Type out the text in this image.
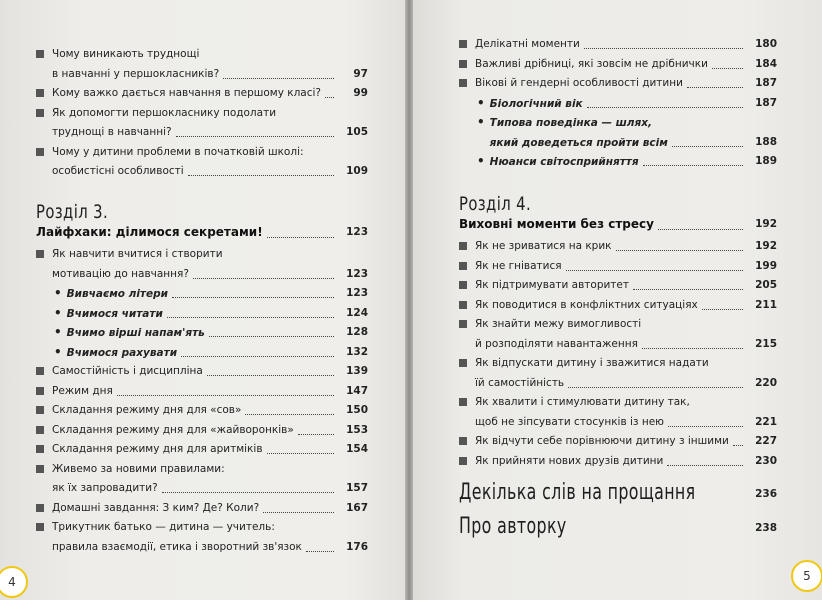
Чому виникають труднощі
в навчанні у першокласників?	97
Кому важко дається навчання в першому класі?	99
Як допомогти першокласнику подолати
труднощі в навчанні?	105
Чому у дитини проблеми в початковій школі:
особистісні особливості	109
Розділ 3.
Лайфхаки: ділимося секретами!	123
Як навчити вчитися і створити
мотивацію до навчання?	123
• Вивчаємо літери	123
• Вчимося читати	124
• Вчимо вірші напам'ять	128
• Вчимося рахувати	132
Самостійність і дисципліна	139
Режим дня	147
Складання режиму дня для «сов»	150
Складання режиму дня для «жайворонків»	153
Складання режиму дня для аритміків	154
Живемо за новими правилами:
як їх запровадити?	157
Домашні завдання: З ким? Де? Коли?	167
Трикутник батько — дитина — учитель:
правила взаємодії, етика і зворотний зв'язок	176
4
Делікатні моменти	180
Важливі дрібниці, які зовсім не дрібнички	184
Вікові й гендерні особливості дитини	187
• Біологічний вік	187
• Типова поведінка — шлях,
який доведеться пройти всім	188
• Нюанси світосприйняття	189
Розділ 4.
Виховні моменти без стресу	192
Як не зриватися на крик	192
Як не гніватися	199
Як підтримувати авторитет	205
Як поводитися в конфліктних ситуаціях	211
Як знайти межу вимогливості
й розподіляти навантаження	215
Як відпускати дитину і зважитися надати
їй самостійність	220
Як хвалити і стимулювати дитину так,
щоб не зіпсувати стосунків із нею	221
Як відчути себе порівнюючи дитину з іншими	227
Як прийняти нових друзів дитини	230
Декілька слів на прощання	236
Про авторку	238
5
